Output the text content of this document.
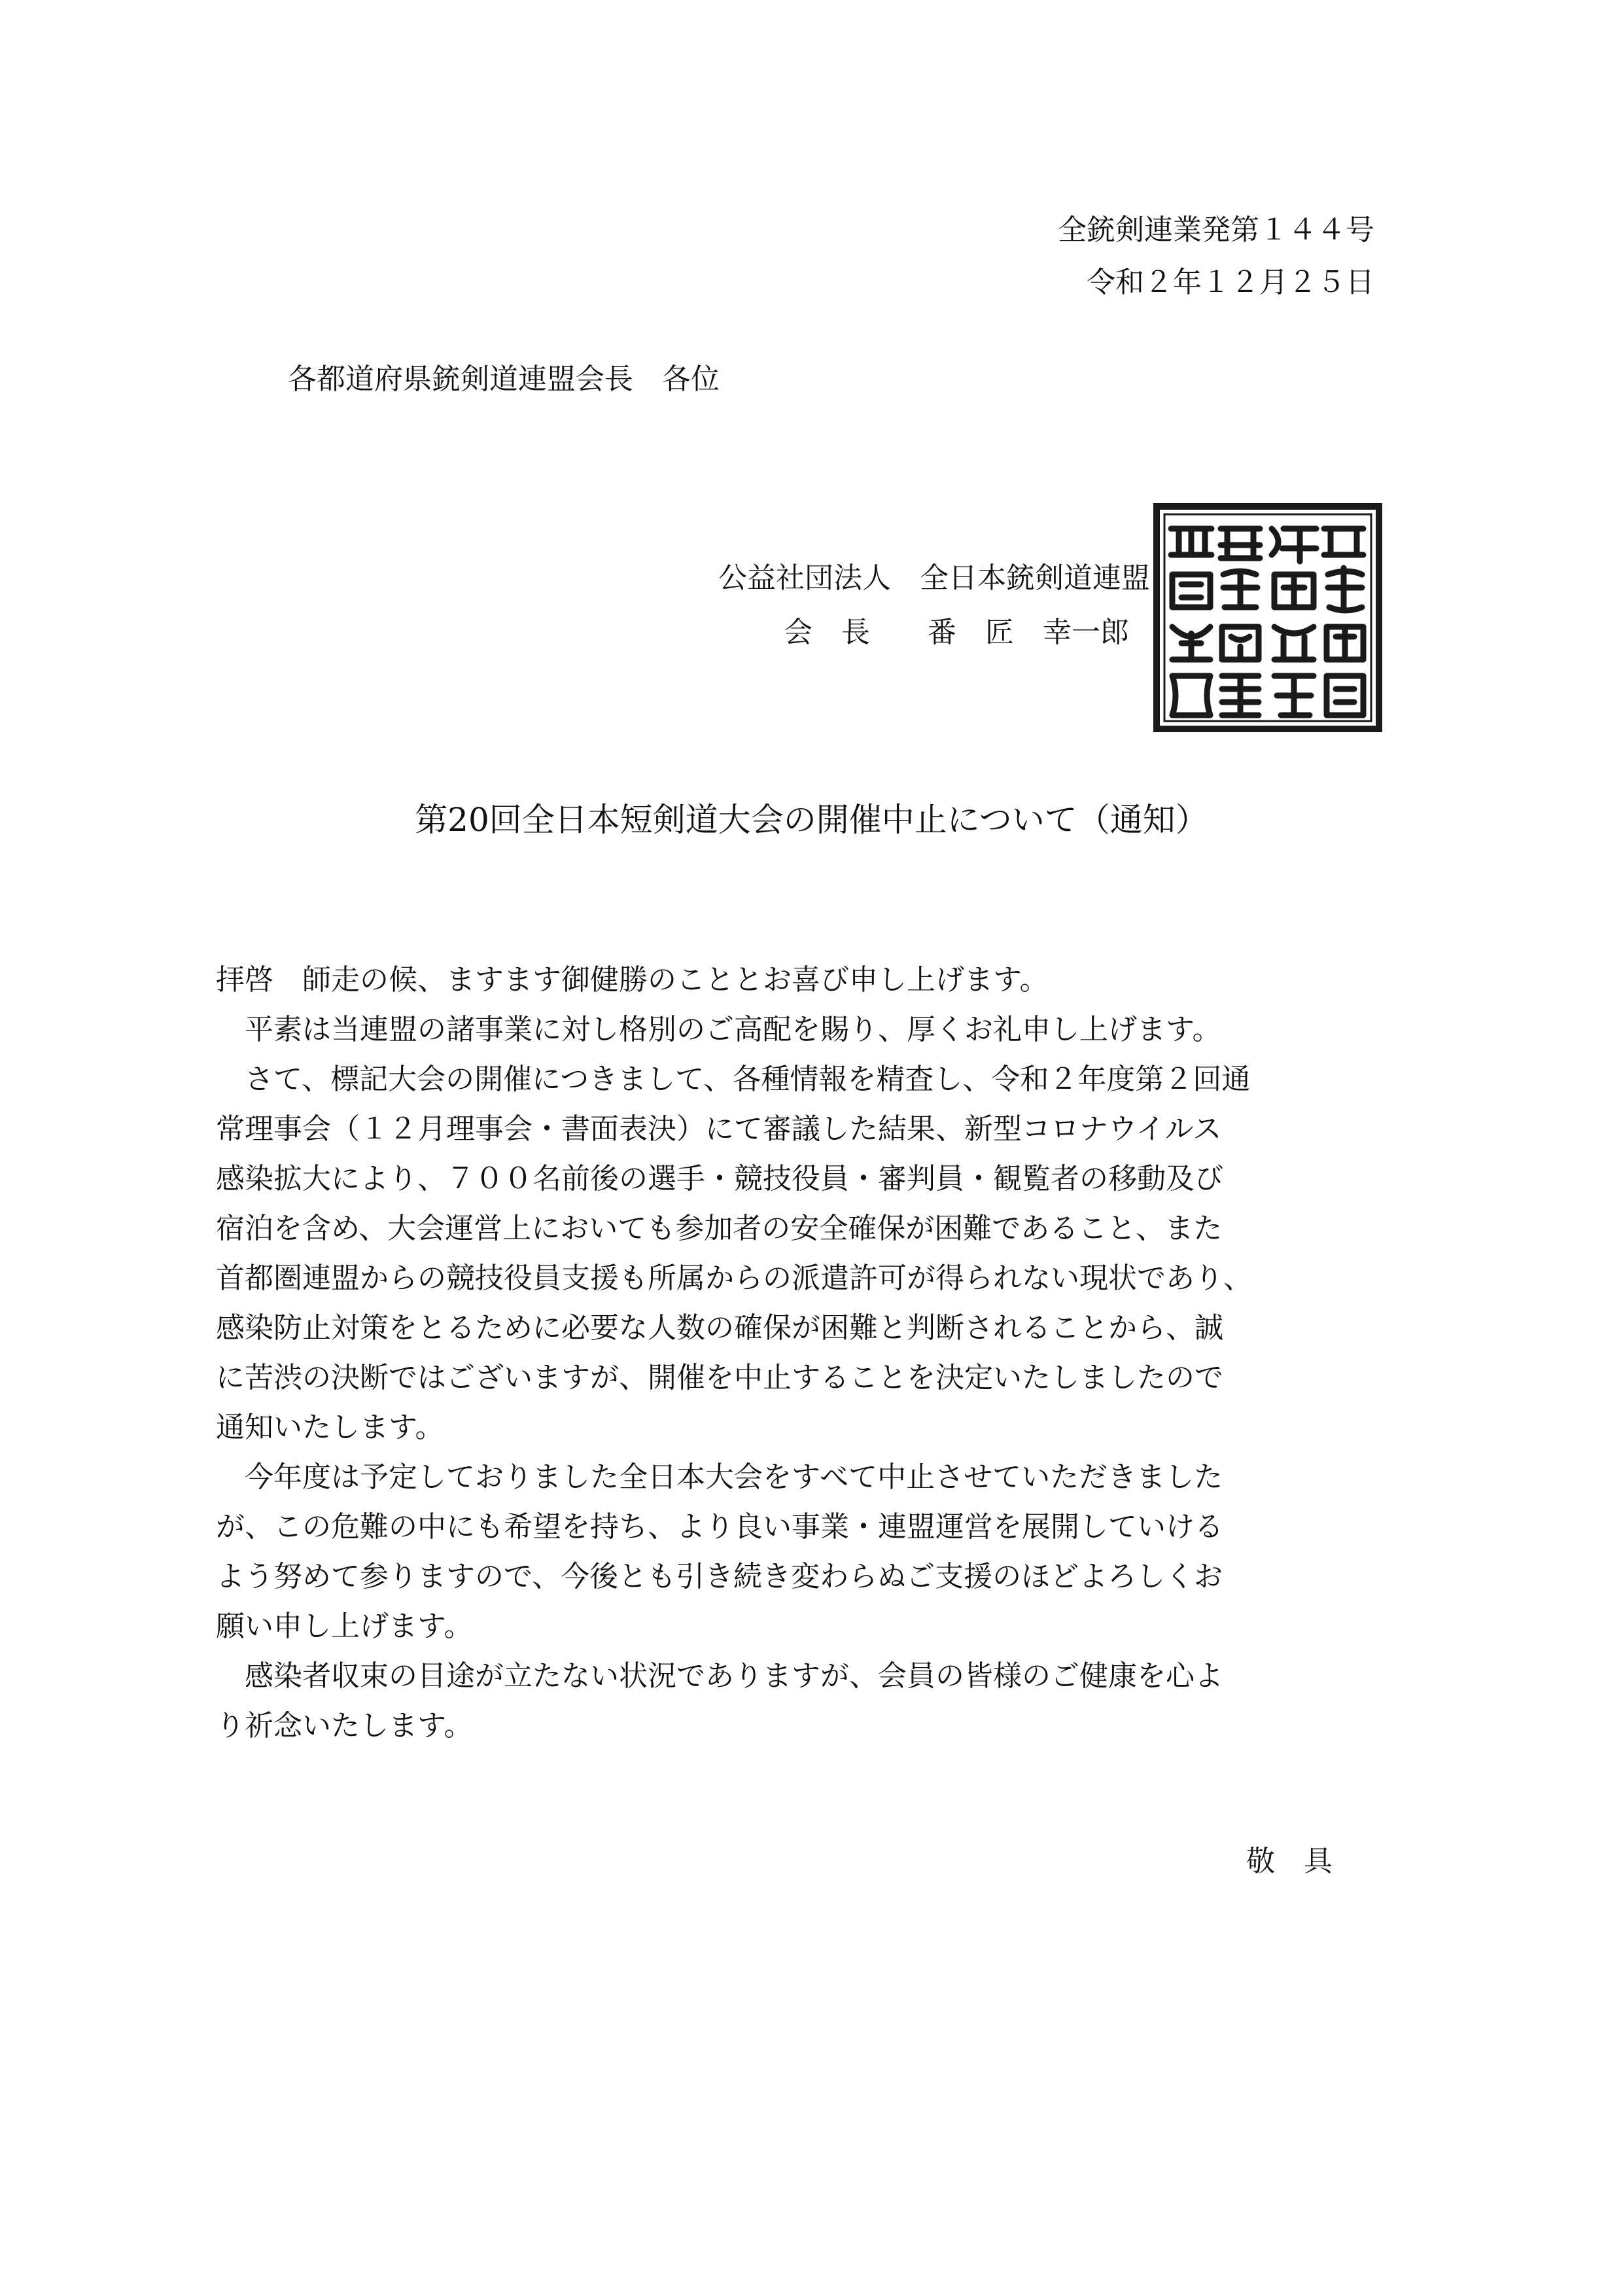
全銃剣連業発第１４４号
令和２年１２月２５日
各都道府県銃剣道連盟会長　各位
公益社団法人　全日本銃剣道連盟
会　長　　番　匠　幸一郎
第20回全日本短剣道大会の開催中止について（通知）
拝啓　師走の候、ますます御健勝のこととお喜び申し上げます。
　平素は当連盟の諸事業に対し格別のご高配を賜り、厚くお礼申し上げます。
　さて、標記大会の開催につきまして、各種情報を精査し、令和２年度第２回通
常理事会（１２月理事会・書面表決）にて審議した結果、新型コロナウイルス
感染拡大により、７００名前後の選手・競技役員・審判員・観覧者の移動及び
宿泊を含め、大会運営上においても参加者の安全確保が困難であること、また
首都圏連盟からの競技役員支援も所属からの派遣許可が得られない現状であり、
感染防止対策をとるために必要な人数の確保が困難と判断されることから、誠
に苦渋の決断ではございますが、開催を中止することを決定いたしましたので
通知いたします。
　今年度は予定しておりました全日本大会をすべて中止させていただきました
が、この危難の中にも希望を持ち、より良い事業・連盟運営を展開していける
よう努めて参りますので、今後とも引き続き変わらぬご支援のほどよろしくお
願い申し上げます。
　感染者収束の目途が立たない状況でありますが、会員の皆様のご健康を心よ
り祈念いたします。
敬　具
